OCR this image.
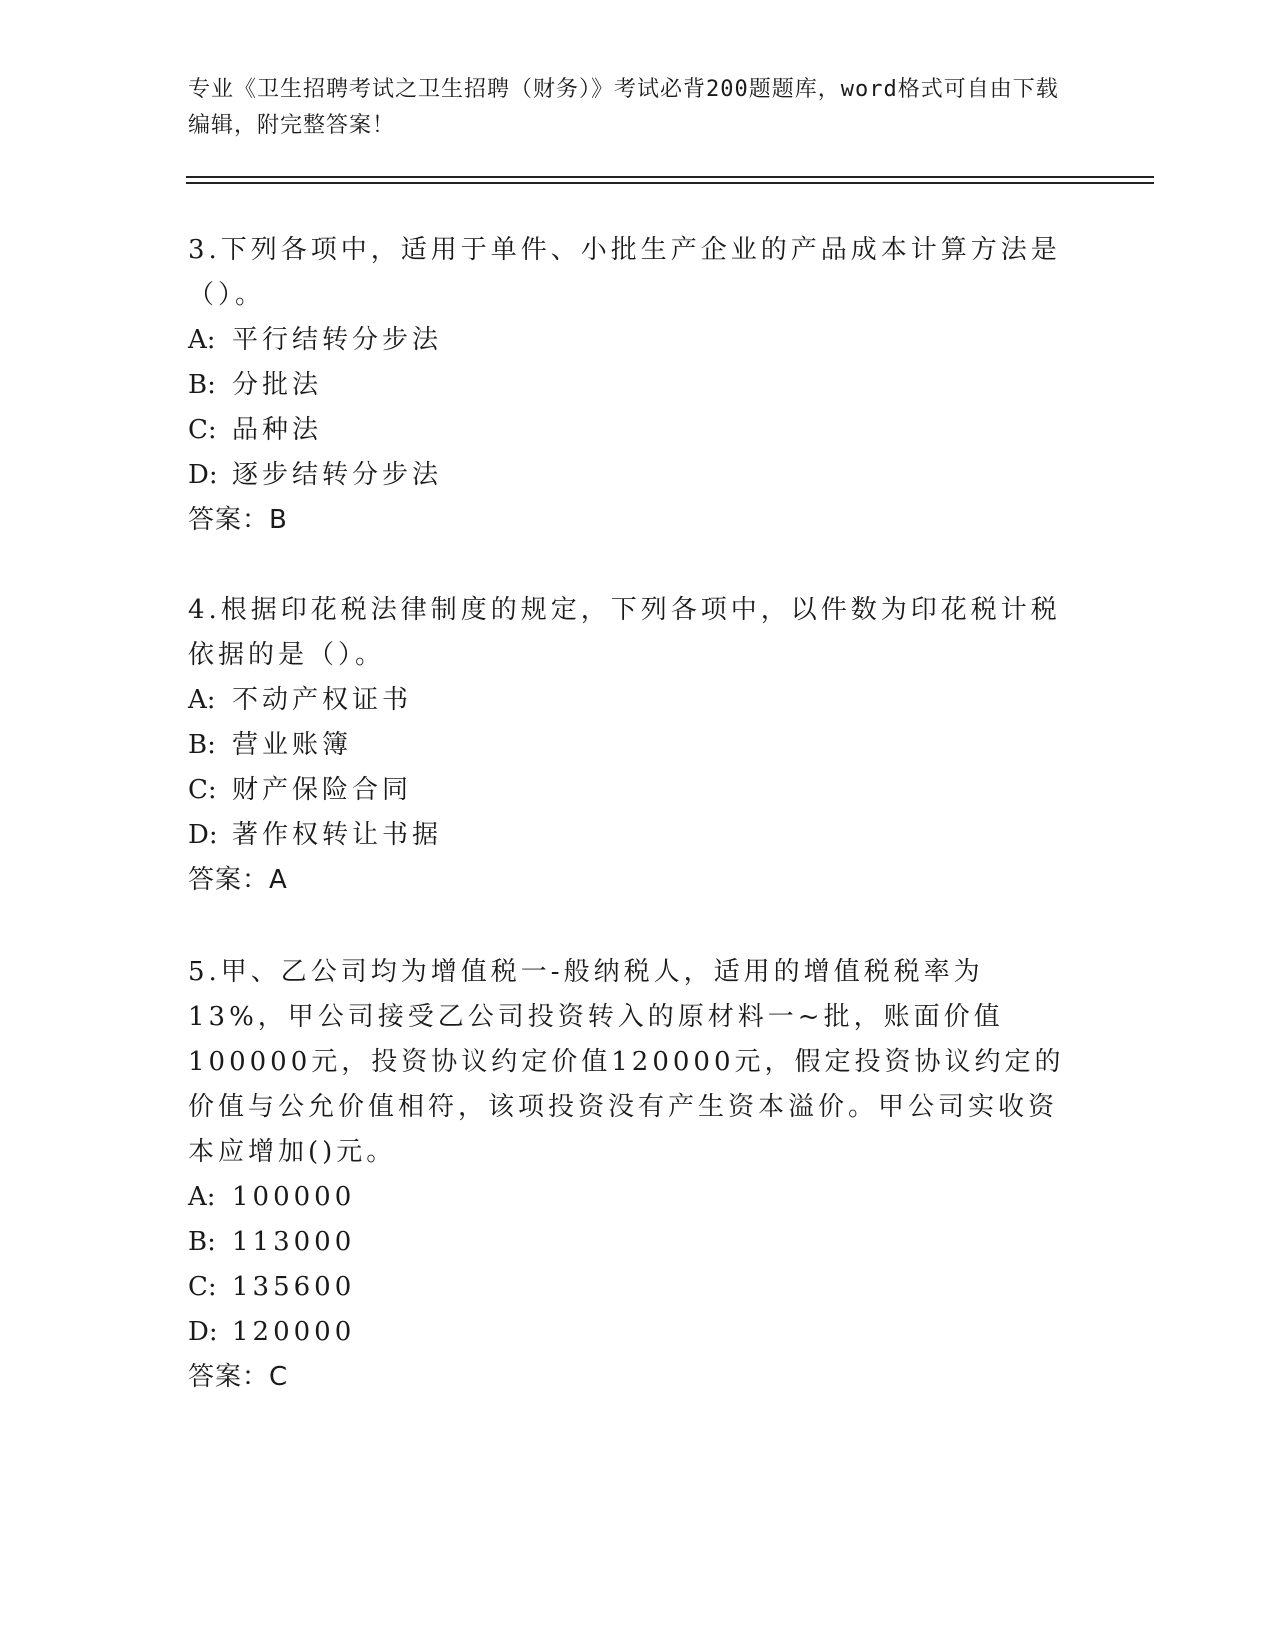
专业《卫生招聘考试之卫生招聘（财务）》考试必背200题题库，word格式可自由下载编辑，附完整答案！

3.下列各项中，适用于单件、小批生产企业的产品成本计算方法是（）。

A: 平行结转分步法

B: 分批法

C: 品种法

D: 逐步结转分步法

答案：B

4.根据印花税法律制度的规定，下列各项中，以件数为印花税计税依据的是（）。

A: 不动产权证书

B: 营业账簿

C: 财产保险合同

D: 著作权转让书据

答案：A

5.甲、乙公司均为增值税一-般纳税人，适用的增值税税率为13%，甲公司接受乙公司投资转入的原材料一~批，账面价值100000元，投资协议约定价值120000元，假定投资协议约定的价值与公允价值相符，该项投资没有产生资本溢价。甲公司实收资本应增加()元。

A: 100000

B: 113000

C: 135600

D: 120000

答案：C
